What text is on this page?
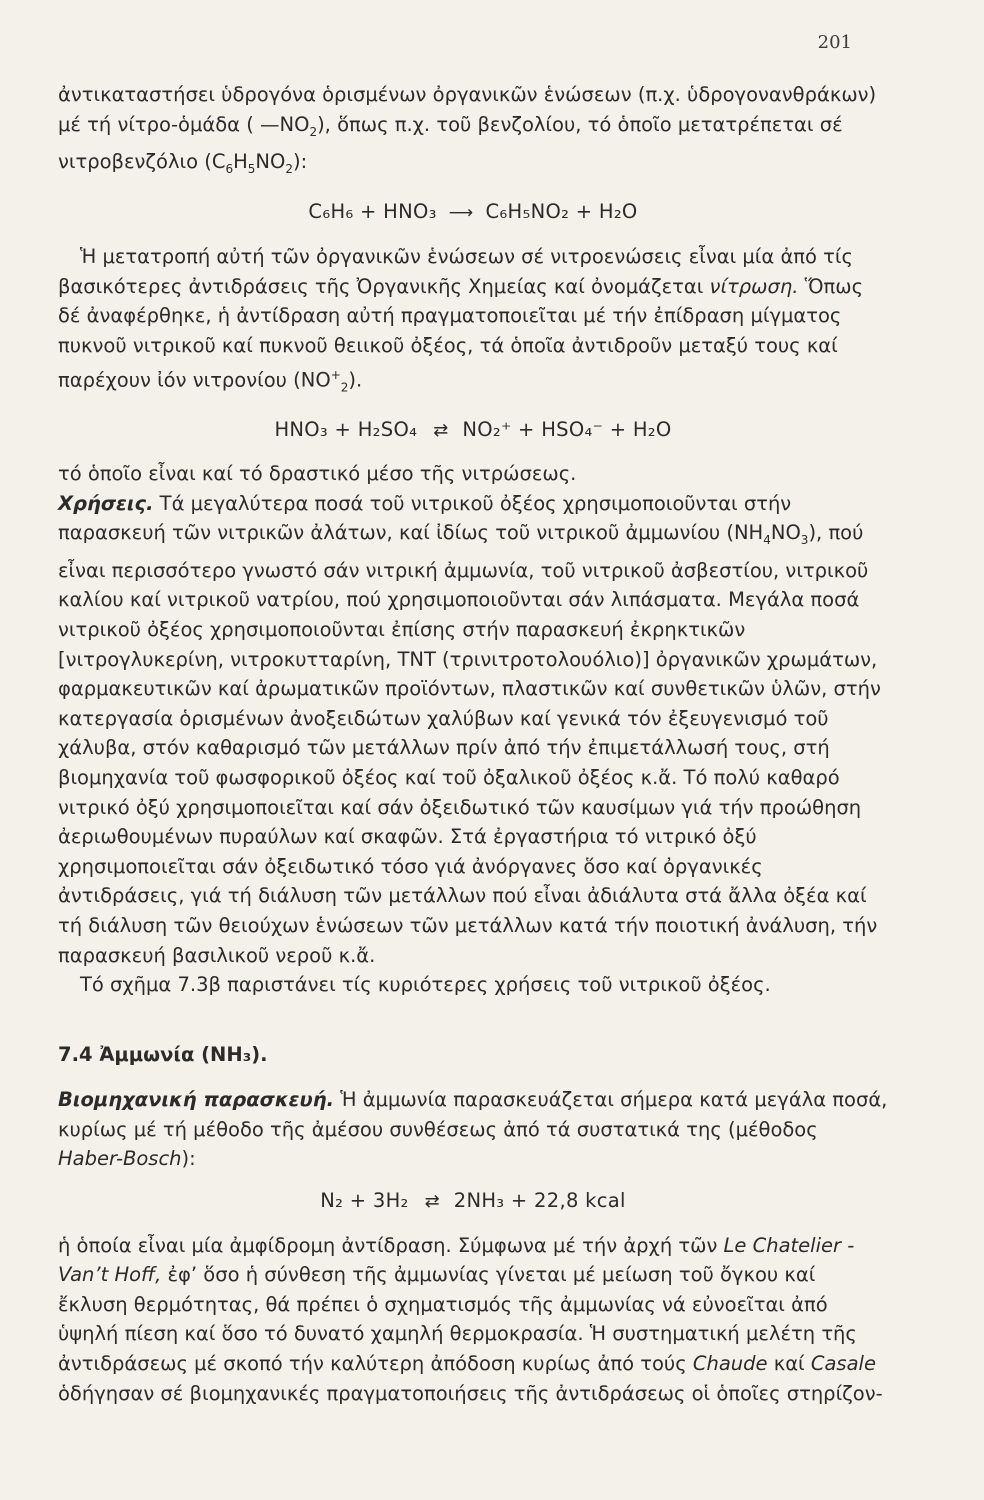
201

ἀντικαταστήσει ὑδρογόνα ὁρισμένων ὀργανικῶν ἑνώσεων (π.χ. ὑδρογονανθράκων) μέ τή νίτρο-ὁμάδα ( $—NO_2$), ὅπως π.χ. τοῦ βενζολίου, τό ὁποῖο μετατρέπεται σέ νιτροβενζόλιο $(C_6H_5NO_2)$:

C₆H₆ + HNO₃ ⟶ C₆H₅NO₂ + H₂O

Ἡ μετατροπή αὐτή τῶν ὀργανικῶν ἑνώσεων σέ νιτροενώσεις εἶναι μία ἀπό τίς βασικότερες ἀντιδράσεις τῆς Ὀργανικῆς Χημείας καί ὀνομάζεται νίτρωση. Ὅπως δέ ἀναφέρθηκε, ἡ ἀντίδραση αὐτή πραγματοποιεῖται μέ τήν ἐπίδραση μίγματος πυκνοῦ νιτρικοῦ καί πυκνοῦ θειικοῦ ὀξέος, τά ὁποῖα ἀντιδροῦν μεταξύ τους καί παρέχουν ἰόν νιτρονίου $(NO^+_2)$.

HNO₃ + H₂SO₄ ⇄ NO₂⁺ + HSO₄⁻ + H₂O

τό ὁποῖο εἶναι καί τό δραστικό μέσο τῆς νιτρώσεως.

Χρήσεις. Τά μεγαλύτερα ποσά τοῦ νιτρικοῦ ὀξέος χρησιμοποιοῦνται στήν παρασκευή τῶν νιτρικῶν ἀλάτων, καί ἰδίως τοῦ νιτρικοῦ ἀμμωνίου $(NH_4NO_3)$, πού εἶναι περισσότερο γνωστό σάν νιτρική ἀμμωνία, τοῦ νιτρικοῦ ἀσβεστίου, νιτρικοῦ καλίου καί νιτρικοῦ νατρίου, πού χρησιμοποιοῦνται σάν λιπάσματα. Μεγάλα ποσά νιτρικοῦ ὀξέος χρησιμοποιοῦνται ἐπίσης στήν παρασκευή ἐκρηκτικῶν [νιτρογλυκερίνη, νιτροκυτταρίνη, ΤΝΤ (τρινιτροτολουόλιο)] ὀργανικῶν χρωμάτων, φαρμακευτικῶν καί ἀρωματικῶν προϊόντων, πλαστικῶν καί συνθετικῶν ὑλῶν, στήν κατεργασία ὁρισμένων ἀνοξειδώτων χαλύβων καί γενικά τόν ἐξευγενισμό τοῦ χάλυβα, στόν καθαρισμό τῶν μετάλλων πρίν ἀπό τήν ἐπιμετάλλωσή τους, στή βιομηχανία τοῦ φωσφορικοῦ ὀξέος καί τοῦ ὀξαλικοῦ ὀξέος κ.ἄ. Τό πολύ καθαρό νιτρικό ὀξύ χρησιμοποιεῖται καί σάν ὀξειδωτικό τῶν καυσίμων γιά τήν προώθηση ἀεριωθουμένων πυραύλων καί σκαφῶν. Στά ἐργαστήρια τό νιτρικό ὀξύ χρησιμοποιεῖται σάν ὀξειδωτικό τόσο γιά ἀνόργανες ὅσο καί ὀργανικές ἀντιδράσεις, γιά τή διάλυση τῶν μετάλλων πού εἶναι ἀδιάλυτα στά ἄλλα ὀξέα καί τή διάλυση τῶν θειούχων ἑνώσεων τῶν μετάλλων κατά τήν ποιοτική ἀνάλυση, τήν παρασκευή βασιλικοῦ νεροῦ κ.ἄ.

Τό σχῆμα 7.3β παριστάνει τίς κυριότερες χρήσεις τοῦ νιτρικοῦ ὀξέος.

7.4 Ἀμμωνία (NH₃).

Βιομηχανική παρασκευή. Ἡ ἀμμωνία παρασκευάζεται σήμερα κατά μεγάλα ποσά, κυρίως μέ τή μέθοδο τῆς ἀμέσου συνθέσεως ἀπό τά συστατικά της (μέθοδος Haber-Bosch):

N₂ + 3H₂ ⇄ 2NH₃ + 22,8 kcal

ἡ ὁποία εἶναι μία ἀμφίδρομη ἀντίδραση. Σύμφωνα μέ τήν ἀρχή τῶν Le Chatelier - Van’t Hoff, ἐφ’ ὅσο ἡ σύνθεση τῆς ἀμμωνίας γίνεται μέ μείωση τοῦ ὄγκου καί ἔκλυση θερμότητας, θά πρέπει ὁ σχηματισμός τῆς ἀμμωνίας νά εὐνοεῖται ἀπό ὑψηλή πίεση καί ὅσο τό δυνατό χαμηλή θερμοκρασία. Ἡ συστηματική μελέτη τῆς ἀντιδράσεως μέ σκοπό τήν καλύτερη ἀπόδοση κυρίως ἀπό τούς Chaude καί Casale ὁδήγησαν σέ βιομηχανικές πραγματοποιήσεις τῆς ἀντιδράσεως οἱ ὁποῖες στηρίζον-
